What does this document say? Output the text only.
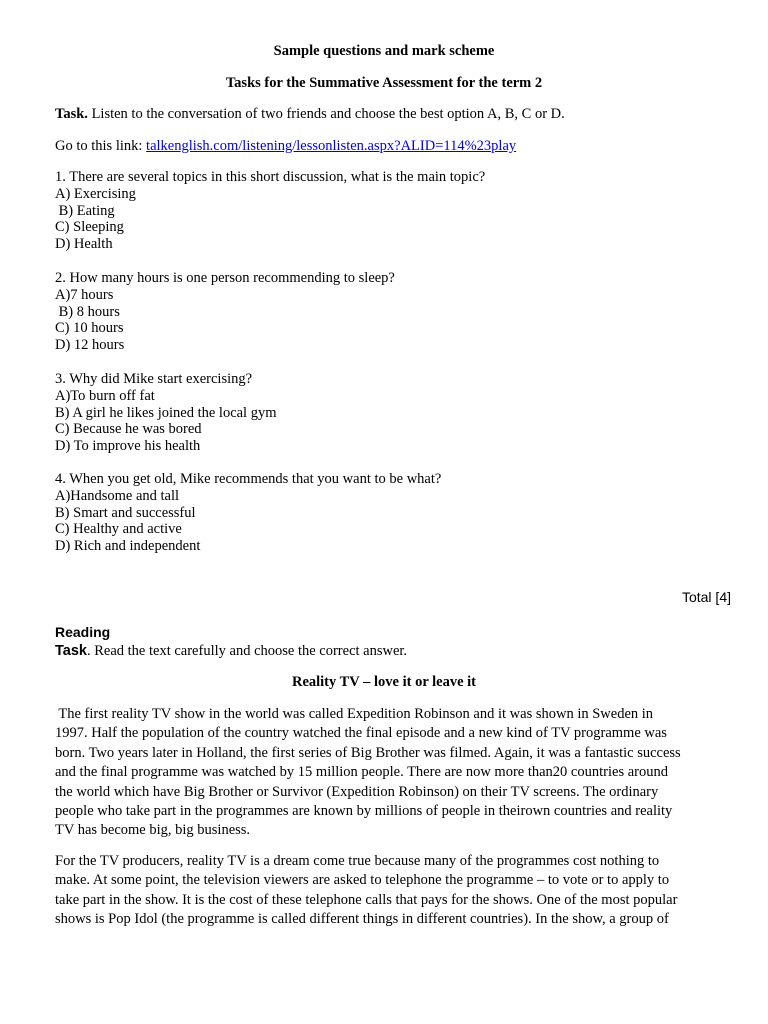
Sample questions and mark scheme
Tasks for the Summative Assessment for the term 2
Task. Listen to the conversation of two friends and choose the best option A, B, C or D.
Go to this link: talkenglish.com/listening/lessonlisten.aspx?ALID=114%23play
1. There are several topics in this short discussion, what is the main topic?
A) Exercising
B) Eating
C) Sleeping
D) Health
2. How many hours is one person recommending to sleep?
A)7 hours
B) 8 hours
C) 10 hours
D) 12 hours
3. Why did Mike start exercising?
A)To burn off fat
B) A girl he likes joined the local gym
C) Because he was bored
D) To improve his health
4. When you get old, Mike recommends that you want to be what?
A)Handsome and tall
B) Smart and successful
C) Healthy and active
D) Rich and independent
Total [4]
Reading
Task. Read the text carefully and choose the correct answer.
Reality TV – love it or leave it
The first reality TV show in the world was called Expedition Robinson and it was shown in Sweden in
1997. Half the population of the country watched the final episode and a new kind of TV programme was
born. Two years later in Holland, the first series of Big Brother was filmed. Again, it was a fantastic success
and the final programme was watched by 15 million people. There are now more than20 countries around
the world which have Big Brother or Survivor (Expedition Robinson) on their TV screens. The ordinary
people who take part in the programmes are known by millions of people in theirown countries and reality
TV has become big, big business.
For the TV producers, reality TV is a dream come true because many of the programmes cost nothing to
make. At some point, the television viewers are asked to telephone the programme – to vote or to apply to
take part in the show. It is the cost of these telephone calls that pays for the shows. One of the most popular
shows is Pop Idol (the programme is called different things in different countries). In the show, a group of
